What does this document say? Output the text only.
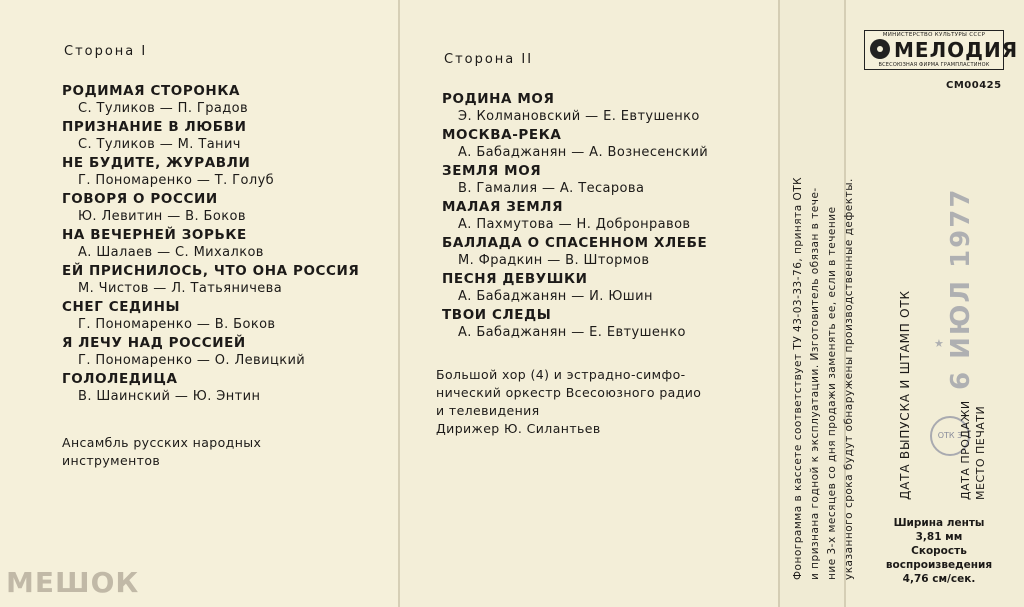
Сторона I
РОДИМАЯ СТОРОНКА
С. Туликов — П. Градов
ПРИЗНАНИЕ В ЛЮБВИ
С. Туликов — М. Танич
НЕ БУДИТЕ, ЖУРАВЛИ
Г. Пономаренко — Т. Голуб
ГОВОРЯ О РОССИИ
Ю. Левитин — В. Боков
НА ВЕЧЕРНЕЙ ЗОРЬКЕ
А. Шалаев — С. Михалков
ЕЙ ПРИСНИЛОСЬ, ЧТО ОНА РОССИЯ
М. Чистов — Л. Татьяничева
СНЕГ СЕДИНЫ
Г. Пономаренко — В. Боков
Я ЛЕЧУ НАД РОССИЕЙ
Г. Пономаренко — О. Левицкий
ГОЛОЛЕДИЦА
В. Шаинский — Ю. Энтин
Ансамбль русских народных
инструментов
Сторона II
РОДИНА МОЯ
Э. Колмановский — Е. Евтушенко
МОСКВА-РЕКА
А. Бабаджанян — А. Вознесенский
ЗЕМЛЯ МОЯ
В. Гамалия — А. Тесарова
МАЛАЯ ЗЕМЛЯ
А. Пахмутова — Н. Добронравов
БАЛЛАДА О СПАСЕННОМ ХЛЕБЕ
М. Фрадкин — В. Штормов
ПЕСНЯ ДЕВУШКИ
А. Бабаджанян — И. Юшин
ТВОИ СЛЕДЫ
А. Бабаджанян — Е. Евтушенко
Большой хор (4) и эстрадно-симфо-
нический оркестр Всесоюзного радио
и телевидения
Дирижер Ю. Силантьев	Фонограмма в кассете соответствует ТУ 43-03-33-76, принята ОТК и признана годной к эксплуатации. Изготовитель обязан в тече- ние 3-х месяцев со дня продажи заменять ее, если в течение указанного срока будут обнаружены производственные дефекты.
МИНИСТЕРСТВО КУЛЬТУРЫ СССР
МЕЛОДИЯ
ВСЕСОЮЗНАЯ ФИРМА ГРАМПЛАСТИНОК
СМ00425
6 ИЮЛ 1977
★
ОТК 3
ДАТА ВЫПУСКА И ШТАМП ОТК	ДАТА ПРОДАЖИ МЕСТО ПЕЧАТИ
Ширина ленты
3,81 мм
Скорость
воспроизведения
4,76 см/сек.
МЕШОК
